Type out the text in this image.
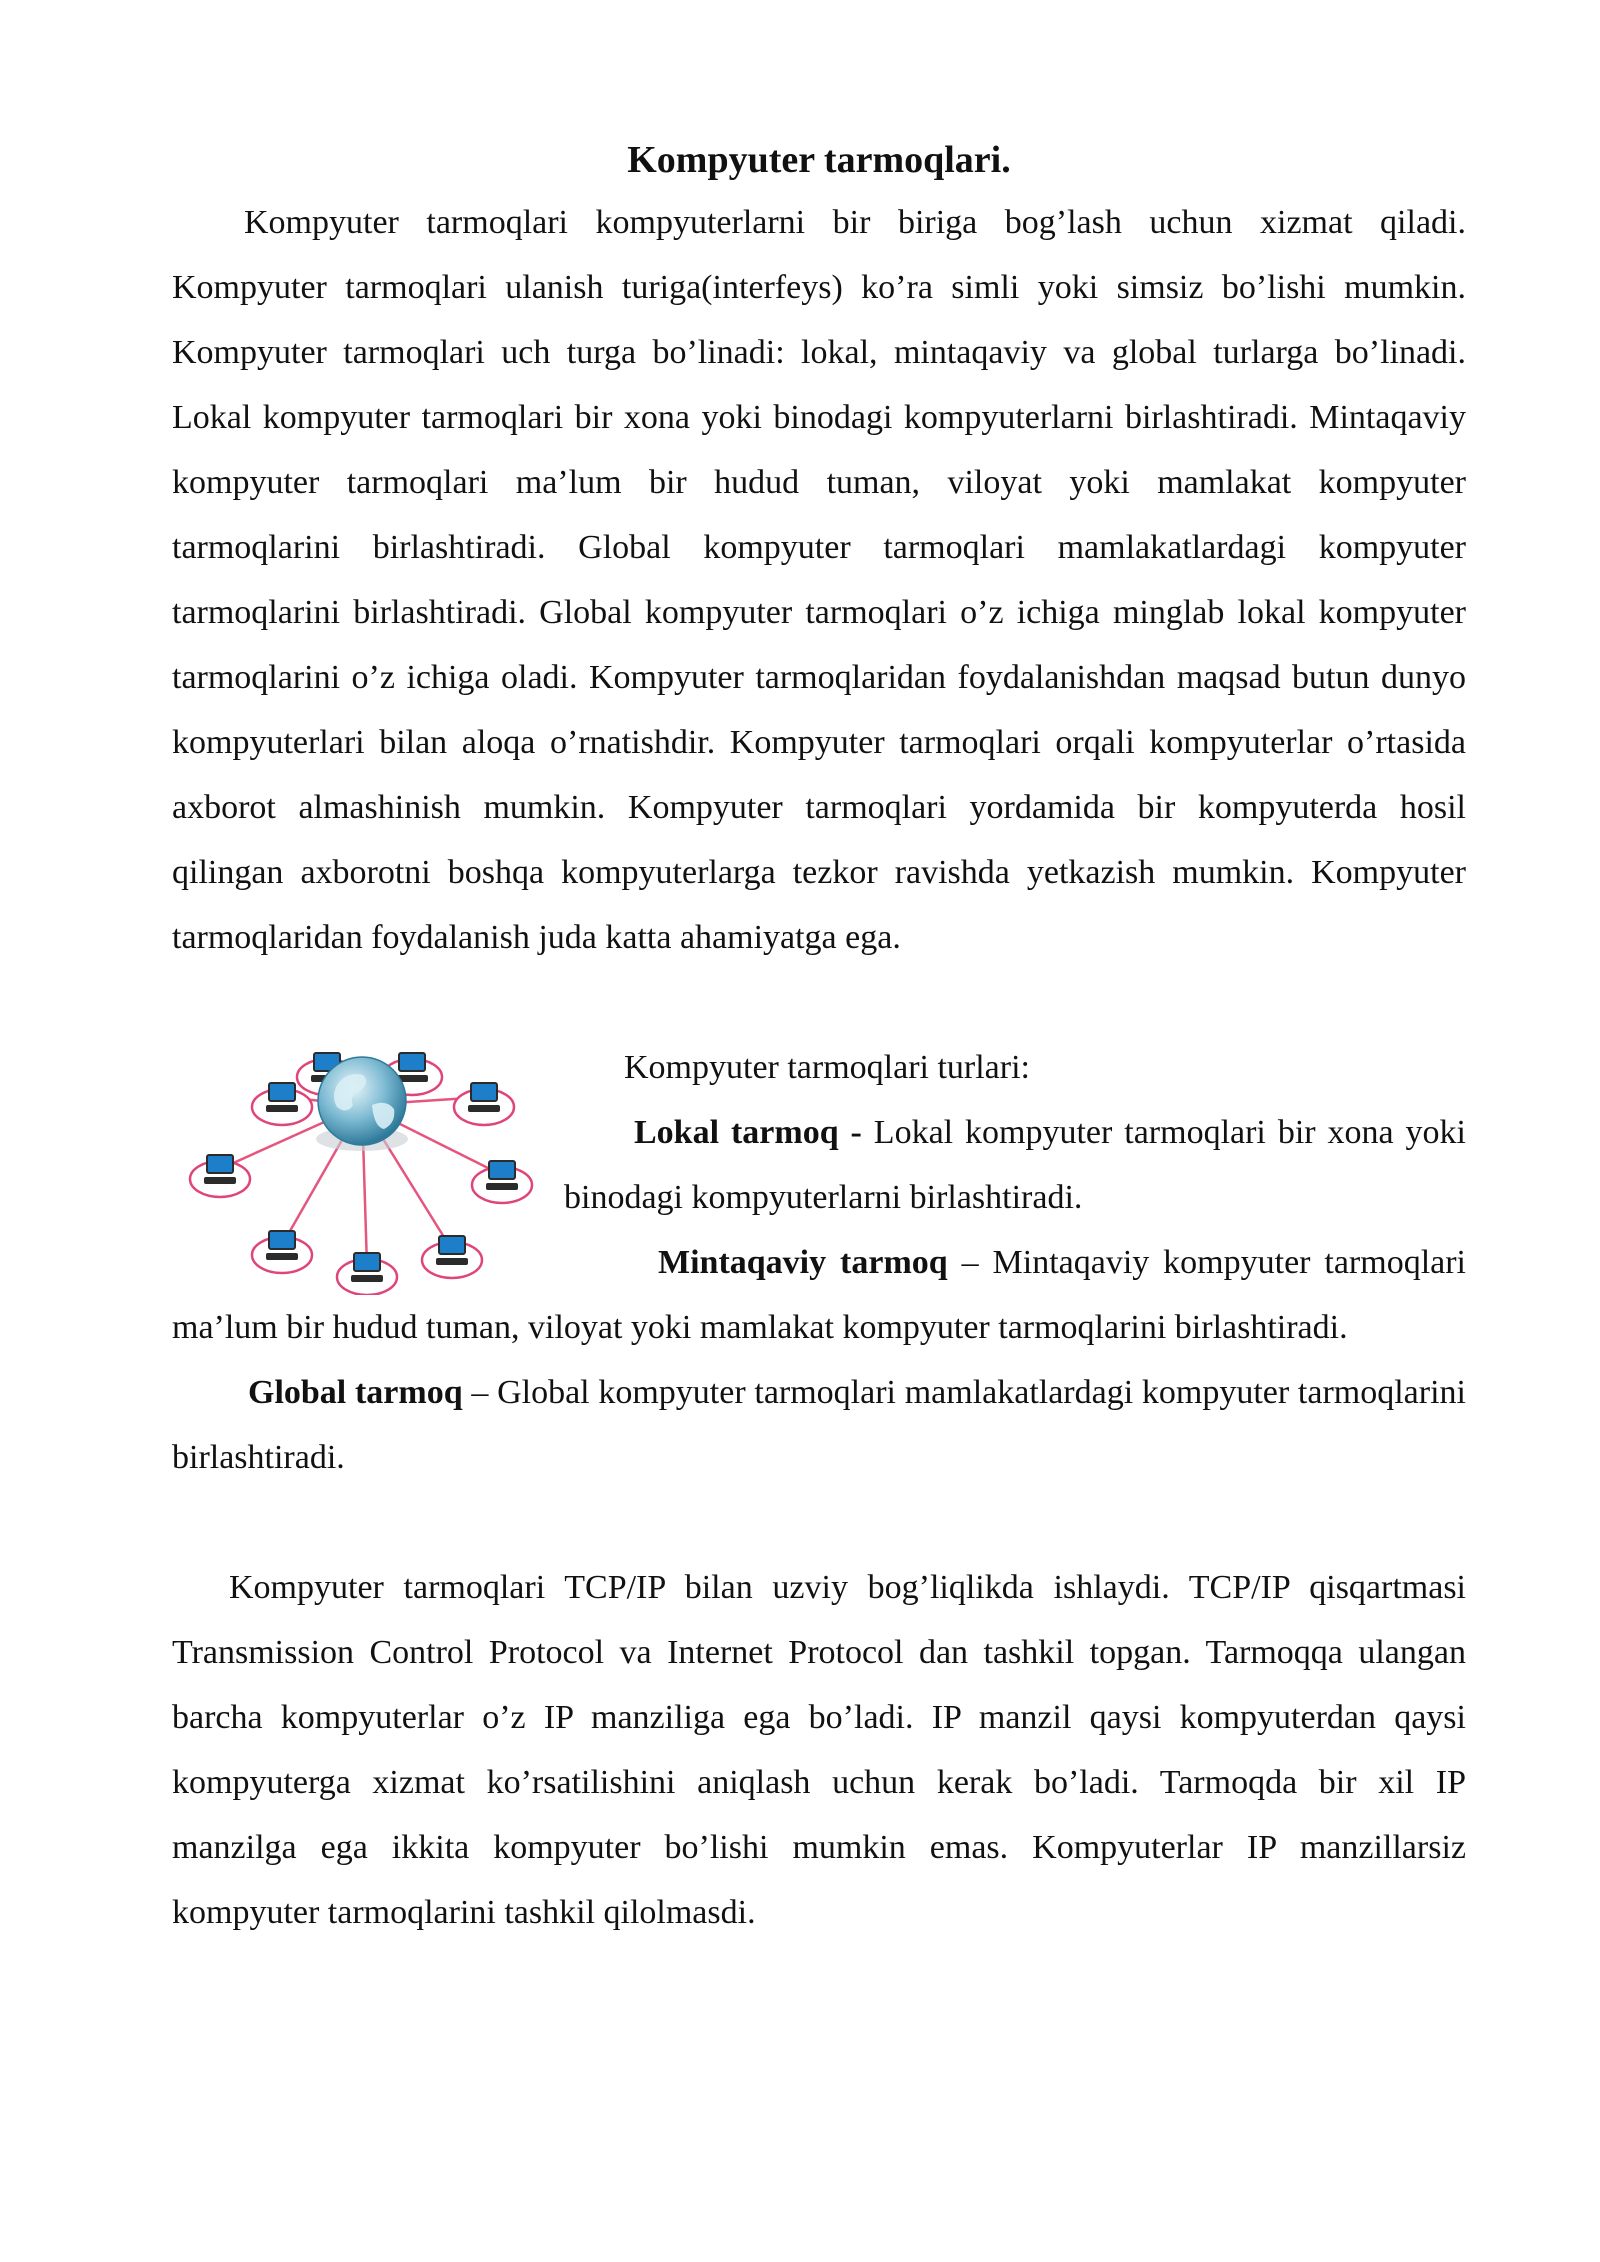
Kompyuter tarmoqlari.

Kompyuter tarmoqlari kompyuterlarni bir biriga bog’lash uchun xizmat qiladi. Kompyuter tarmoqlari ulanish turiga(interfeys) ko’ra simli yoki simsiz bo’lishi mumkin. Kompyuter tarmoqlari uch turga bo’linadi: lokal, mintaqaviy va global turlarga bo’linadi. Lokal kompyuter tarmoqlari bir xona yoki binodagi kompyuterlarni birlashtiradi. Mintaqaviy kompyuter tarmoqlari ma’lum bir hudud tuman, viloyat yoki mamlakat kompyuter tarmoqlarini birlashtiradi. Global kompyuter tarmoqlari mamlakatlardagi kompyuter tarmoqlarini birlashtiradi. Global kompyuter tarmoqlari o’z ichiga minglab lokal kompyuter tarmoqlarini o’z ichiga oladi. Kompyuter tarmoqlaridan foydalanishdan maqsad butun dunyo kompyuterlari bilan aloqa o’rnatishdir. Kompyuter tarmoqlari orqali kompyuterlar o’rtasida axborot almashinish mumkin. Kompyuter tarmoqlari yordamida bir kompyuterda hosil qilingan axborotni boshqa kompyuterlarga tezkor ravishda yetkazish mumkin. Kompyuter tarmoqlaridan foydalanish juda katta ahamiyatga ega.

Kompyuter tarmoqlari turlari:

Lokal tarmoq - Lokal kompyuter tarmoqlari bir xona yoki binodagi kompyuterlarni birlashtiradi.

Mintaqaviy tarmoq – Mintaqaviy kompyuter tarmoqlari ma’lum bir hudud tuman, viloyat yoki mamlakat kompyuter tarmoqlarini birlashtiradi.

Global tarmoq – Global kompyuter tarmoqlari mamlakatlardagi kompyuter tarmoqlarini birlashtiradi.

Kompyuter tarmoqlari TCP/IP bilan uzviy bog’liqlikda ishlaydi. TCP/IP qisqartmasi Transmission Control Protocol va Internet Protocol dan tashkil topgan. Tarmoqqa ulangan barcha kompyuterlar o’z IP manziliga ega bo’ladi. IP manzil qaysi kompyuterdan qaysi kompyuterga xizmat ko’rsatilishini aniqlash uchun kerak bo’ladi. Tarmoqda bir xil IP manzilga ega ikkita kompyuter bo’lishi mumkin emas. Kompyuterlar IP manzillarsiz kompyuter tarmoqlarini tashkil qilolmasdi.
